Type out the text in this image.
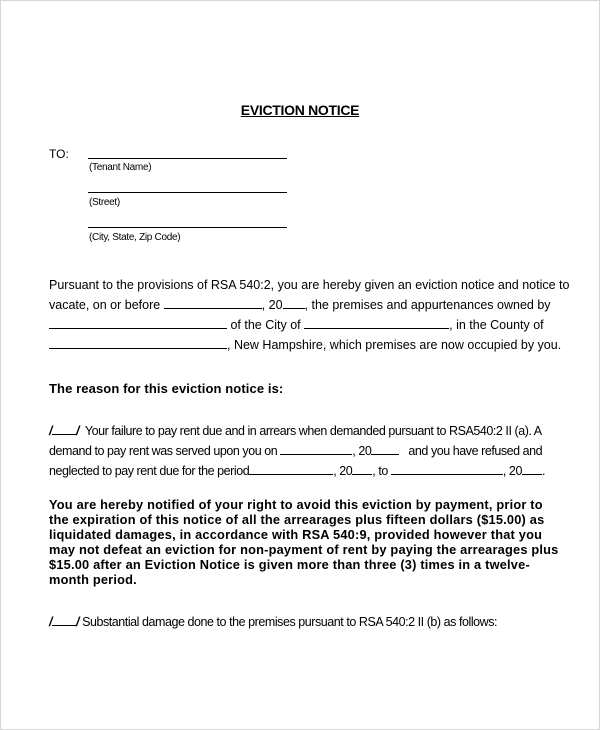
EVICTION NOTICE
TO:
(Tenant Name)
(Street)
(City, State, Zip Code)
Pursuant to the provisions of RSA 540:2, you are hereby given an eviction notice and notice to
vacate, on or before	, 20 , the premises and appurtenances owned by
of the City of	, in the County of
, New Hampshire, which premises are now occupied by you.
The reason for this eviction notice is:
/ / Your failure to pay rent due and in arrears when demanded pursuant to RSA540:2 II (a). A
demand to pay rent was served upon you on	, 20	and you have refused and
neglected to pay rent due for the period	, 20 , to	, 20 .
You are hereby notified of your right to avoid this eviction by payment, prior to
the expiration of this notice of all the arrearages plus fifteen dollars ($15.00) as
liquidated damages, in accordance with RSA 540:9, provided however that you
may not defeat an eviction for non-payment of rent by paying the arrearages plus
$15.00 after an Eviction Notice is given more than three (3) times in a twelve-
month period.
/ / Substantial damage done to the premises pursuant to RSA 540:2 II (b) as follows:
